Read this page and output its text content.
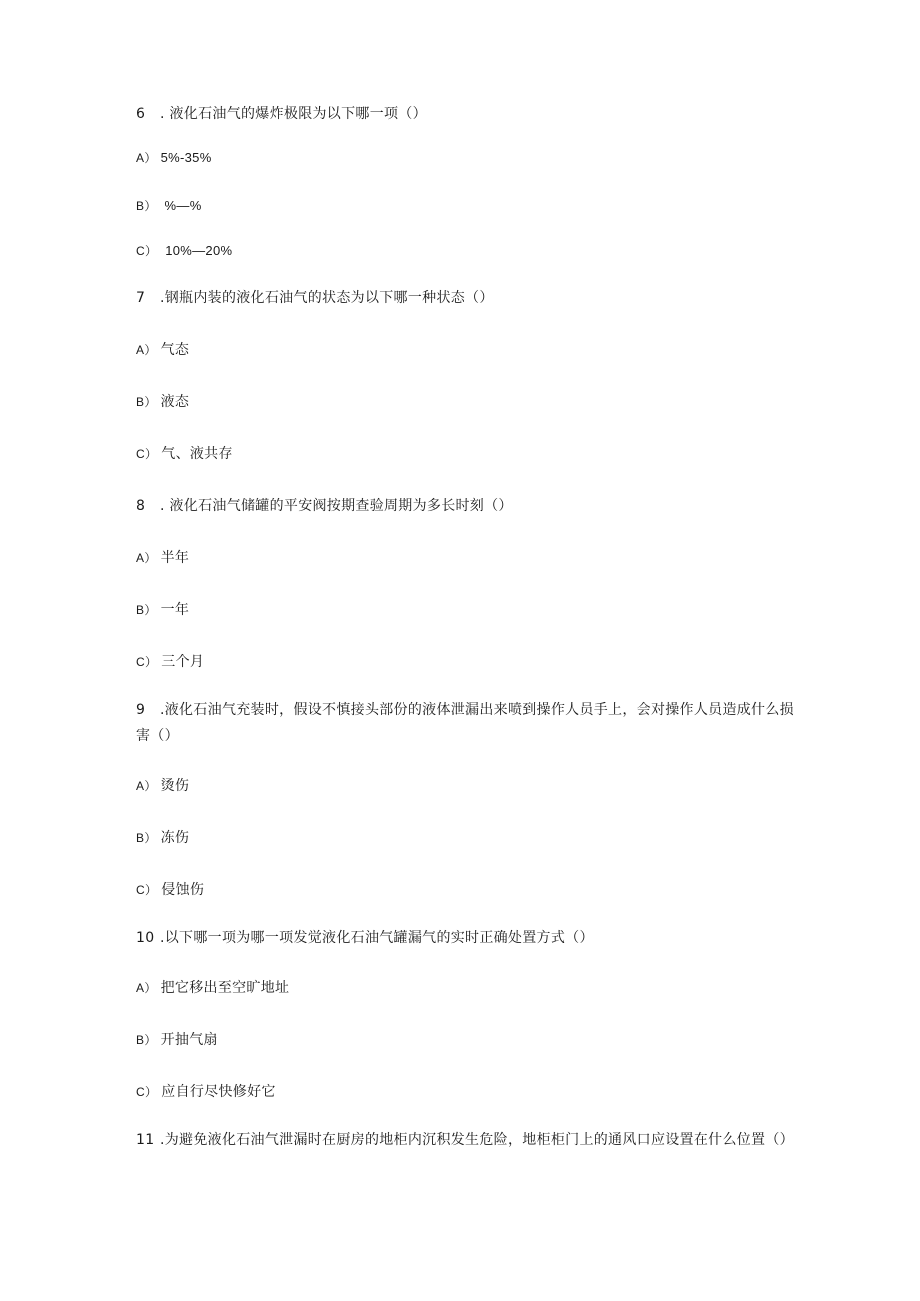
6 . 液化石油气的爆炸极限为以下哪一项（）
A） 5%-35%
B） %—%
C） 10%—20%
7 .钢瓶内装的液化石油气的状态为以下哪一种状态（）
A） 气态
B） 液态
C） 气、液共存
8 . 液化石油气储罐的平安阀按期查验周期为多长时刻（）
A） 半年
B） 一年
C） 三个月
9 .液化石油气充装时，假设不慎接头部份的液体泄漏出来喷到操作人员手上，会对操作人员造成什么损害（）
A） 烫伤
B） 冻伤
C） 侵蚀伤
10 .以下哪一项为哪一项发觉液化石油气罐漏气的实时正确处置方式（）
A） 把它移出至空旷地址
B） 开抽气扇
C） 应自行尽快修好它
11 .为避免液化石油气泄漏时在厨房的地柜内沉积发生危险，地柜柜门上的通风口应设置在什么位置（）
